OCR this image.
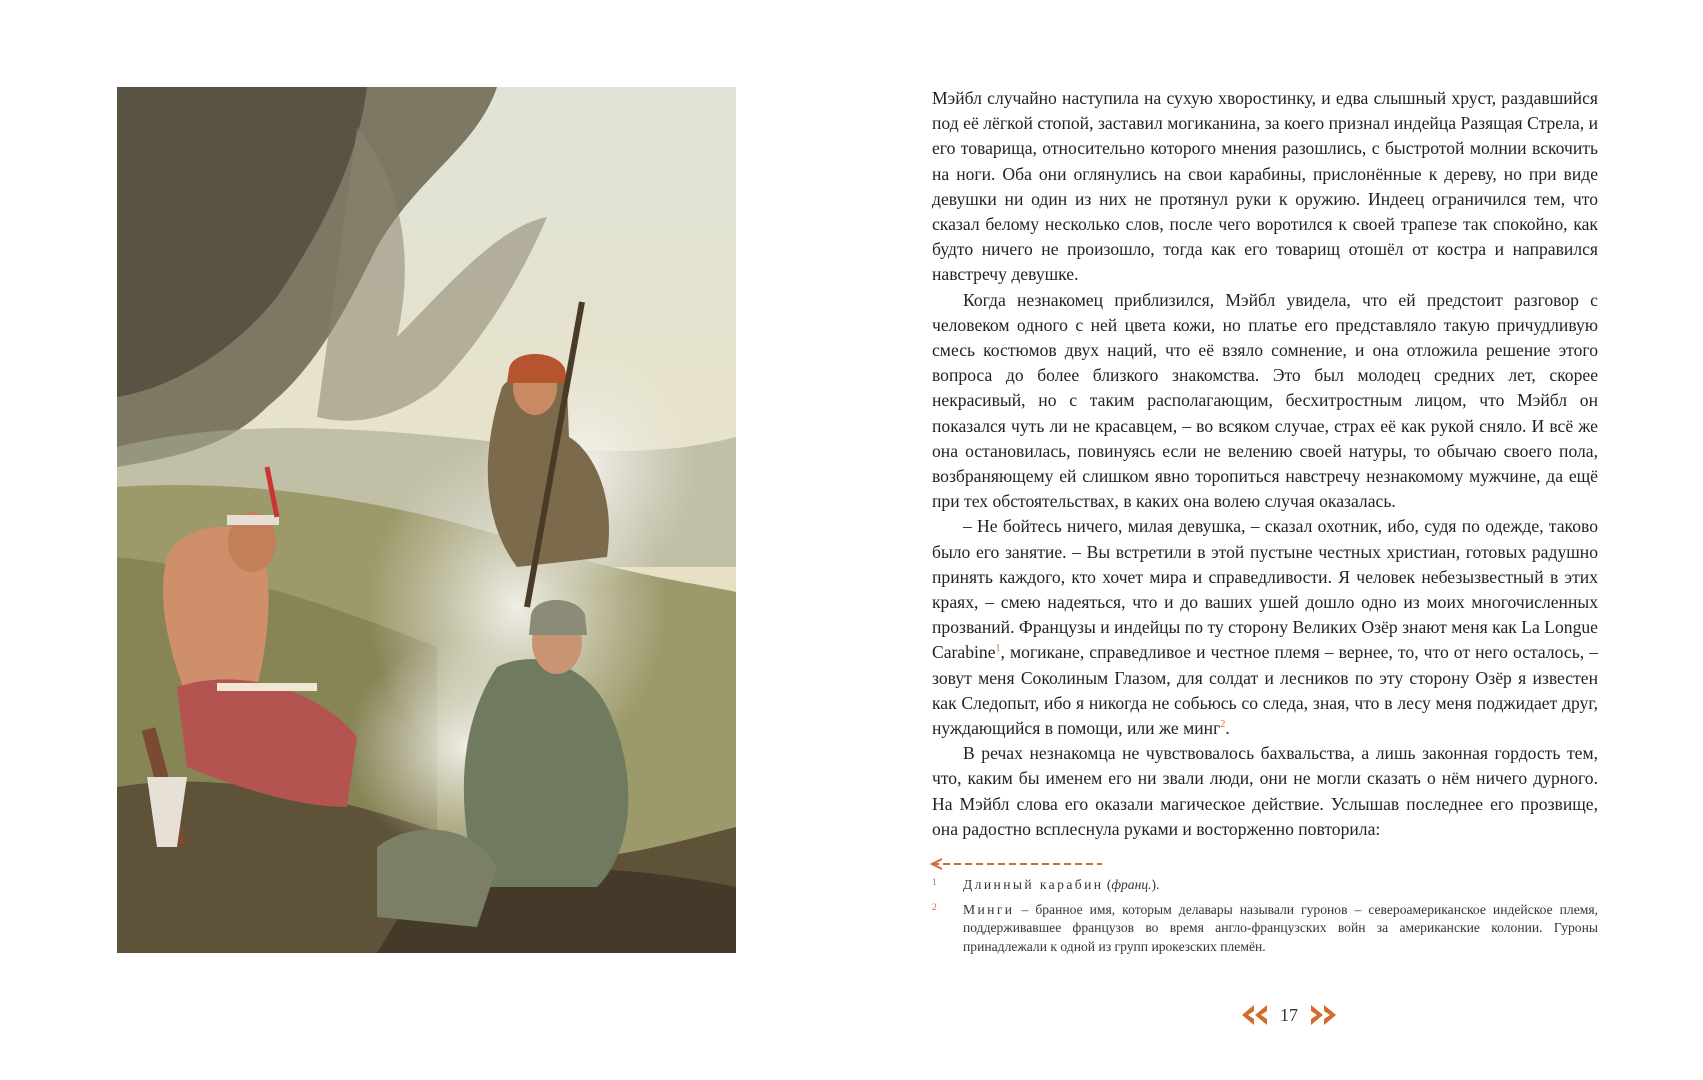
Мэйбл случайно наступила на сухую хворостинку, и едва слышный хруст, раздавшийся под её лёгкой стопой, заставил могиканина, за коего признал индейца Разящая Стрела, и его товарища, относительно которого мнения разошлись, с быстротой молнии вскочить на ноги. Оба они оглянулись на свои карабины, прислонённые к дереву, но при виде девушки ни один из них не протянул руки к оружию. Индеец ограничился тем, что сказал белому несколько слов, после чего воротился к своей трапезе так спокойно, как будто ничего не произошло, тогда как его товарищ отошёл от костра и направился навстречу девушке.

Когда незнакомец приблизился, Мэйбл увидела, что ей предстоит разговор с человеком одного с ней цвета кожи, но платье его представляло такую причудливую смесь костюмов двух наций, что её взяло сомнение, и она отложила решение этого вопроса до более близкого знакомства. Это был молодец средних лет, скорее некрасивый, но с таким располагающим, бесхитростным лицом, что Мэйбл он показался чуть ли не красавцем, – во всяком случае, страх её как рукой сняло. И всё же она остановилась, повинуясь если не велению своей натуры, то обычаю своего пола, возбраняющему ей слишком явно торопиться навстречу незнакомому мужчине, да ещё при тех обстоятельствах, в каких она волею случая оказалась.

– Не бойтесь ничего, милая девушка, – сказал охотник, ибо, судя по одежде, таково было его занятие. – Вы встретили в этой пустыне честных христиан, готовых радушно принять каждого, кто хочет мира и справедливости. Я человек небезызвестный в этих краях, – смею надеяться, что и до ваших ушей дошло одно из моих многочисленных прозваний. Французы и индейцы по ту сторону Великих Озёр знают меня как La Longue Carabine$^1$, могикане, справедливое и честное племя – вернее, то, что от него осталось, – зовут меня Соколиным Глазом, для солдат и лесников по эту сторону Озёр я известен как Следопыт, ибо я никогда не собьюсь со следа, зная, что в лесу меня поджидает друг, нуждающийся в помощи, или же минг$^2$.

В речах незнакомца не чувствовалось бахвальства, а лишь законная гордость тем, что, каким бы именем его ни звали люди, они не могли сказать о нём ничего дурного. На Мэйбл слова его оказали магическое действие. Услышав последнее его прозвище, она радостно всплеснула руками и восторженно повторила:

1 Длинный карабин (франц.).
2 Минги – бранное имя, которым делавары называли гуронов – североамериканское индейское племя, поддерживавшее французов во время англо-французских войн за американские колонии. Гуроны принадлежали к одной из групп ирокезских племён.
17
